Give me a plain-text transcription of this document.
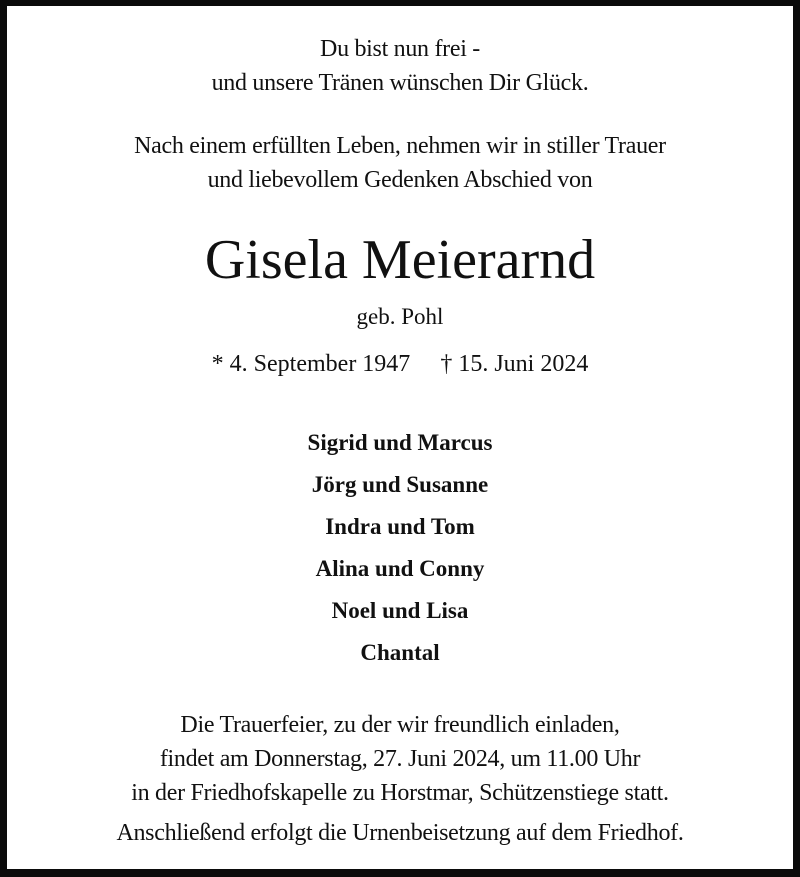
Du bist nun frei -
und unsere Tränen wünschen Dir Glück.
Nach einem erfüllten Leben, nehmen wir in stiller Trauer
und liebevollem Gedenken Abschied von
Gisela Meierarnd
geb. Pohl
* 4. September 1947 † 15. Juni 2024
Sigrid und Marcus
Jörg und Susanne
Indra und Tom
Alina und Conny
Noel und Lisa
Chantal
Die Trauerfeier, zu der wir freundlich einladen,
findet am Donnerstag, 27. Juni 2024, um 11.00 Uhr
in der Friedhofskapelle zu Horstmar, Schützenstiege statt.
Anschließend erfolgt die Urnenbeisetzung auf dem Friedhof.
